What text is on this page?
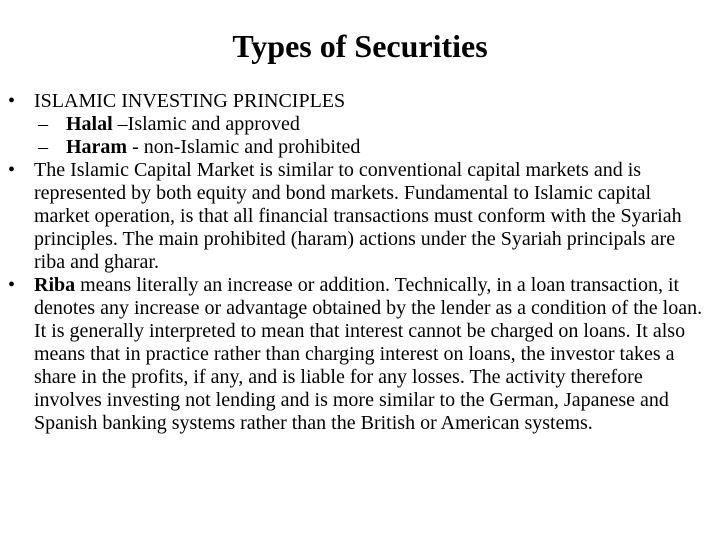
Types of Securities
• ISLAMIC INVESTING PRINCIPLES
– Halal –Islamic and approved
– Haram - non-Islamic and prohibited
• The Islamic Capital Market is similar to conventional capital markets and is represented by both equity and bond markets. Fundamental to Islamic capital market operation, is that all financial transactions must conform with the Syariah principles. The main prohibited (haram) actions under the Syariah principals are riba and gharar.
• Riba means literally an increase or addition. Technically, in a loan transaction, it denotes any increase or advantage obtained by the lender as a condition of the loan. It is generally interpreted to mean that interest cannot be charged on loans. It also means that in practice rather than charging interest on loans, the investor takes a share in the profits, if any, and is liable for any losses. The activity therefore involves investing not lending and is more similar to the German, Japanese and Spanish banking systems rather than the British or American systems.
